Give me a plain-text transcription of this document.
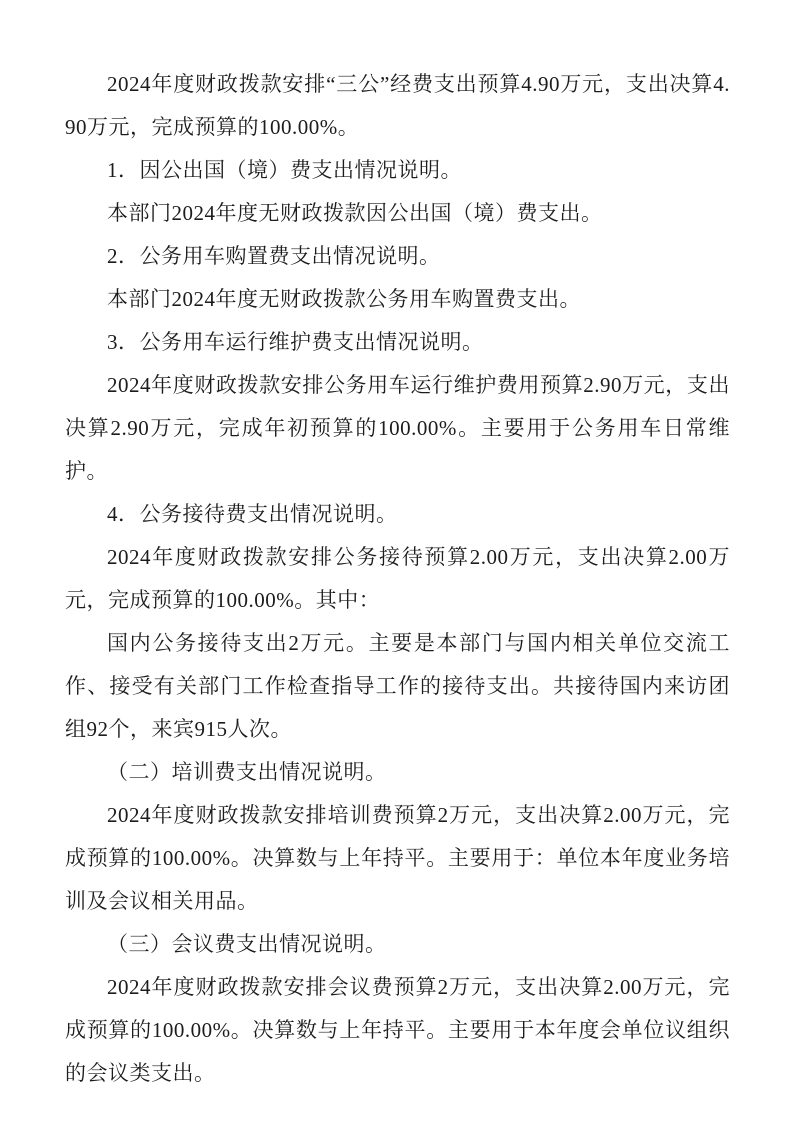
2024年度财政拨款安排“三公”经费支出预算4.90万元，支出决算4.90万元，完成预算的100.00%。

1．因公出国（境）费支出情况说明。

本部门2024年度无财政拨款因公出国（境）费支出。

2．公务用车购置费支出情况说明。

本部门2024年度无财政拨款公务用车购置费支出。

3．公务用车运行维护费支出情况说明。

2024年度财政拨款安排公务用车运行维护费用预算2.90万元，支出决算2.90万元，完成年初预算的100.00%。主要用于公务用车日常维护。

4．公务接待费支出情况说明。

2024年度财政拨款安排公务接待预算2.00万元，支出决算2.00万元，完成预算的100.00%。其中：

国内公务接待支出2万元。主要是本部门与国内相关单位交流工作、接受有关部门工作检查指导工作的接待支出。共接待国内来访团组92个，来宾915人次。

（二）培训费支出情况说明。

2024年度财政拨款安排培训费预算2万元，支出决算2.00万元，完成预算的100.00%。决算数与上年持平。主要用于：单位本年度业务培训及会议相关用品。

（三）会议费支出情况说明。

2024年度财政拨款安排会议费预算2万元，支出决算2.00万元，完成预算的100.00%。决算数与上年持平。主要用于本年度会单位议组织的会议类支出。
